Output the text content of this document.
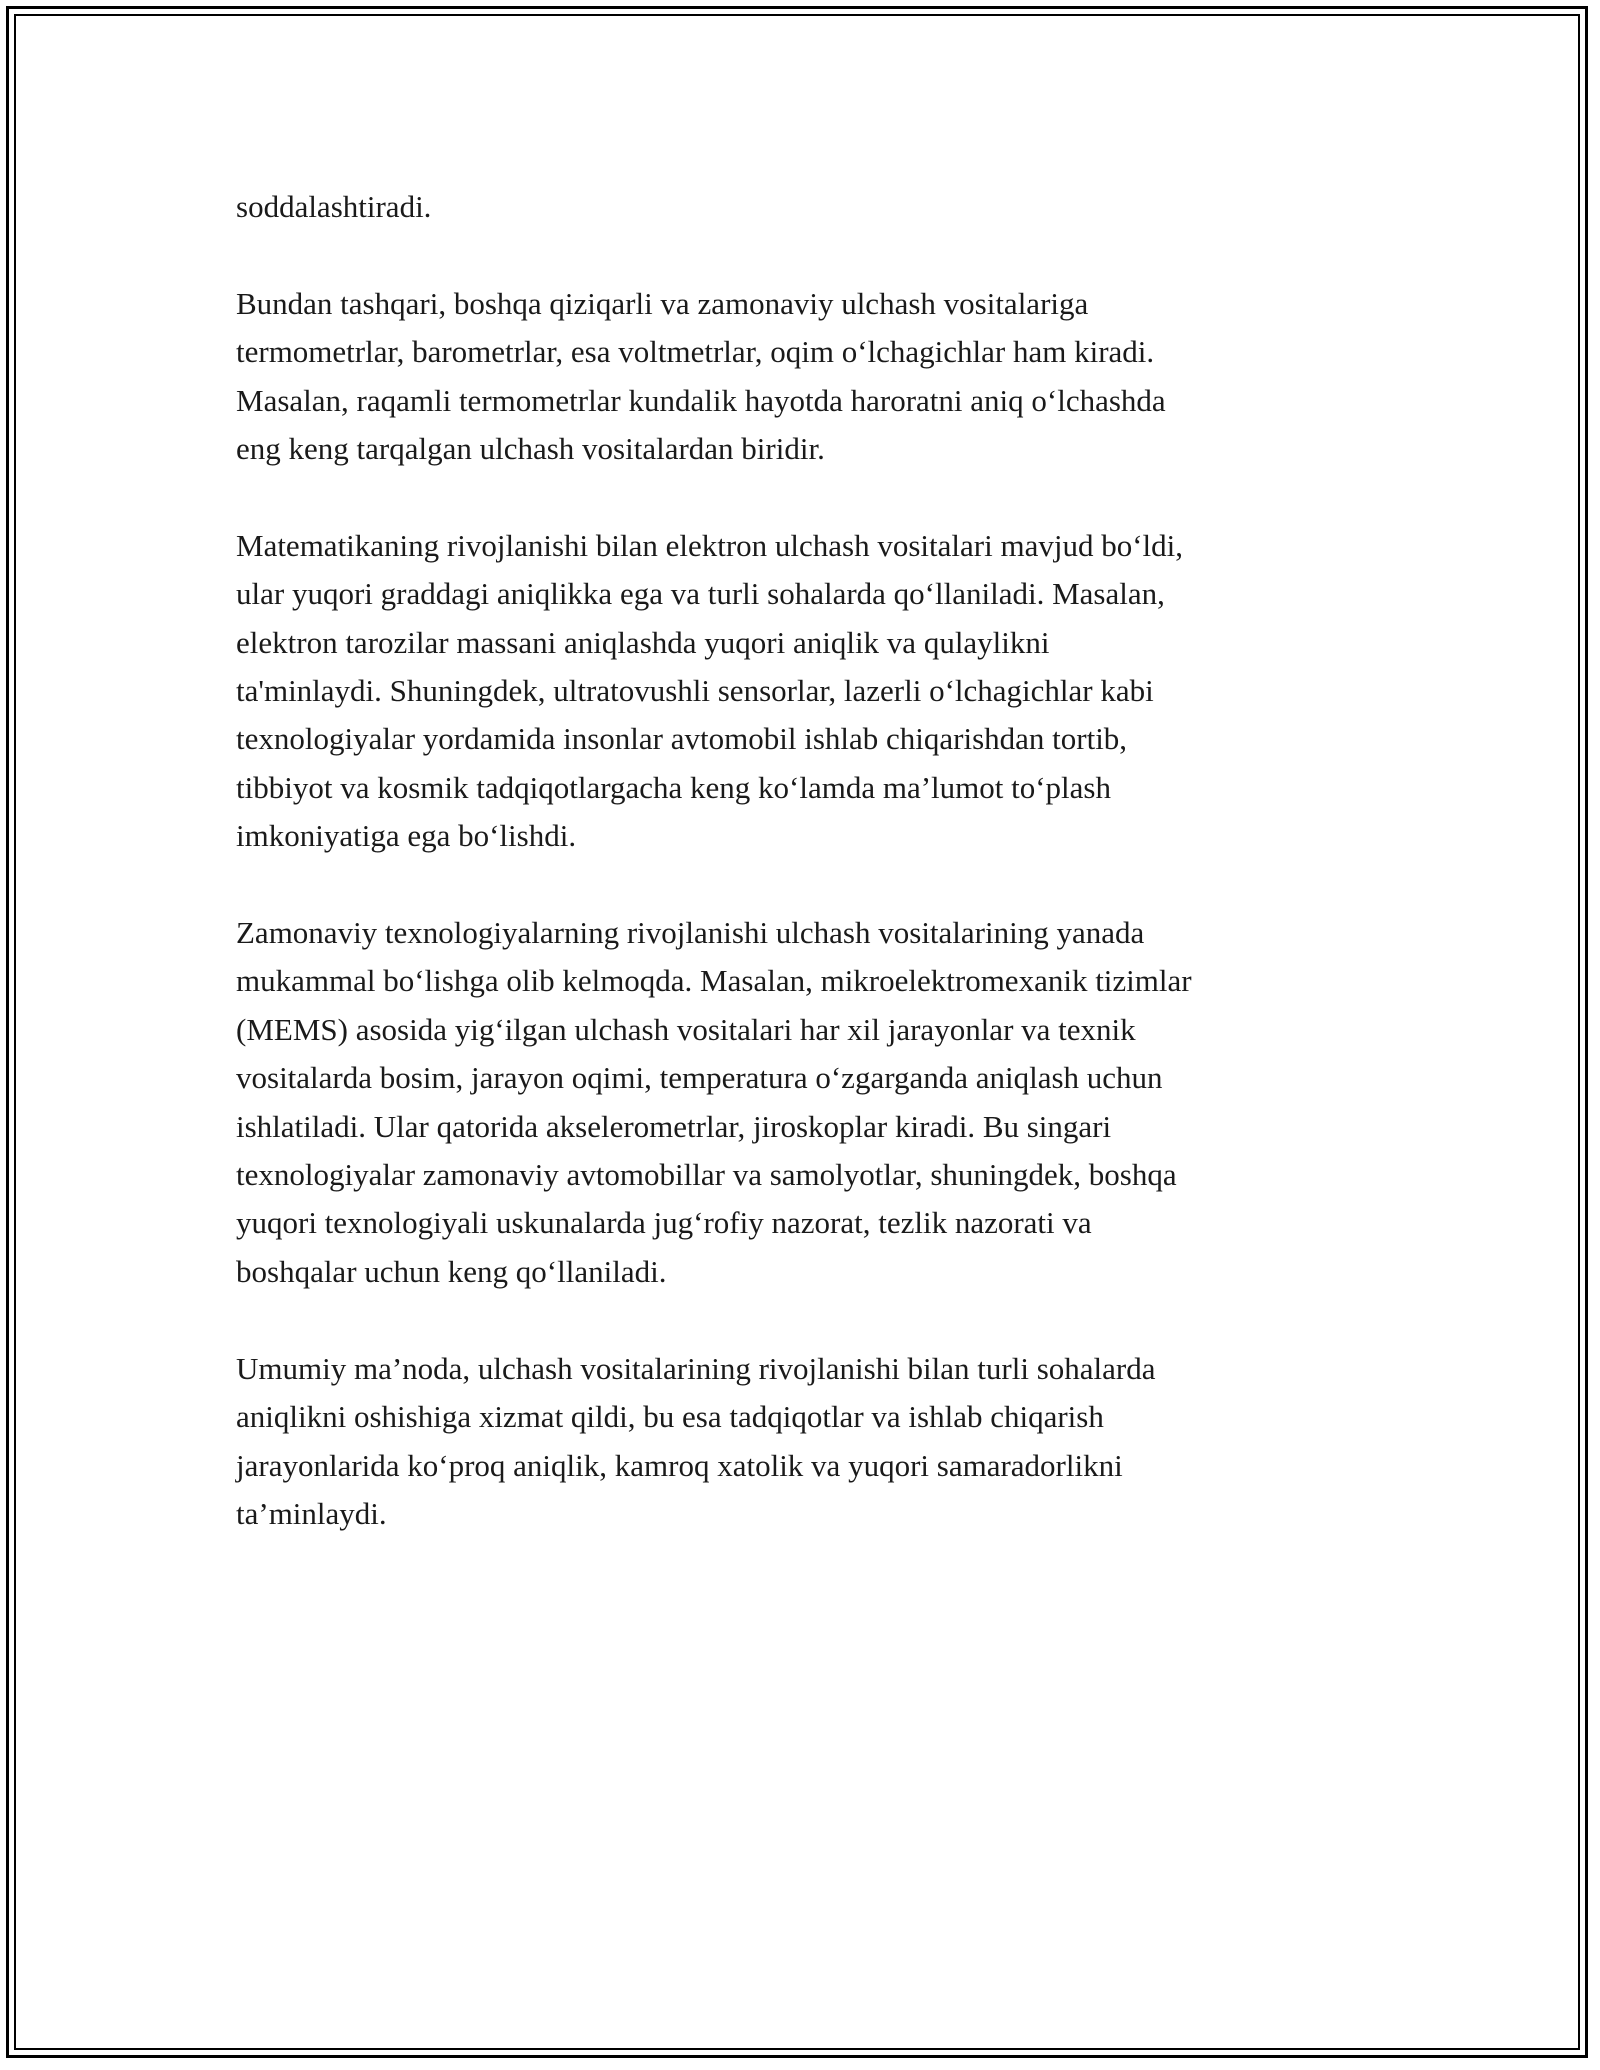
soddalashtiradi.

Bundan tashqari, boshqa qiziqarli va zamonaviy ulchash vositalariga
termometrlar, barometrlar, esa voltmetrlar, oqim o‘lchagichlar ham kiradi.
Masalan, raqamli termometrlar kundalik hayotda haroratni aniq o‘lchashda
eng keng tarqalgan ulchash vositalardan biridir.

Matematikaning rivojlanishi bilan elektron ulchash vositalari mavjud bo‘ldi,
ular yuqori graddagi aniqlikka ega va turli sohalarda qo‘llaniladi. Masalan,
elektron tarozilar massani aniqlashda yuqori aniqlik va qulaylikni
ta'minlaydi. Shuningdek, ultratovushli sensorlar, lazerli o‘lchagichlar kabi
texnologiyalar yordamida insonlar avtomobil ishlab chiqarishdan tortib,
tibbiyot va kosmik tadqiqotlargacha keng ko‘lamda ma’lumot to‘plash
imkoniyatiga ega bo‘lishdi.

Zamonaviy texnologiyalarning rivojlanishi ulchash vositalarining yanada
mukammal bo‘lishga olib kelmoqda. Masalan, mikroelektromexanik tizimlar
(MEMS) asosida yig‘ilgan ulchash vositalari har xil jarayonlar va texnik
vositalarda bosim, jarayon oqimi, temperatura o‘zgarganda aniqlash uchun
ishlatiladi. Ular qatorida akselerometrlar, jiroskoplar kiradi. Bu singari
texnologiyalar zamonaviy avtomobillar va samolyotlar, shuningdek, boshqa
yuqori texnologiyali uskunalarda jug‘rofiy nazorat, tezlik nazorati va
boshqalar uchun keng qo‘llaniladi.

Umumiy ma’noda, ulchash vositalarining rivojlanishi bilan turli sohalarda
aniqlikni oshishiga xizmat qildi, bu esa tadqiqotlar va ishlab chiqarish
jarayonlarida ko‘proq aniqlik, kamroq xatolik va yuqori samaradorlikni
ta’minlaydi.
